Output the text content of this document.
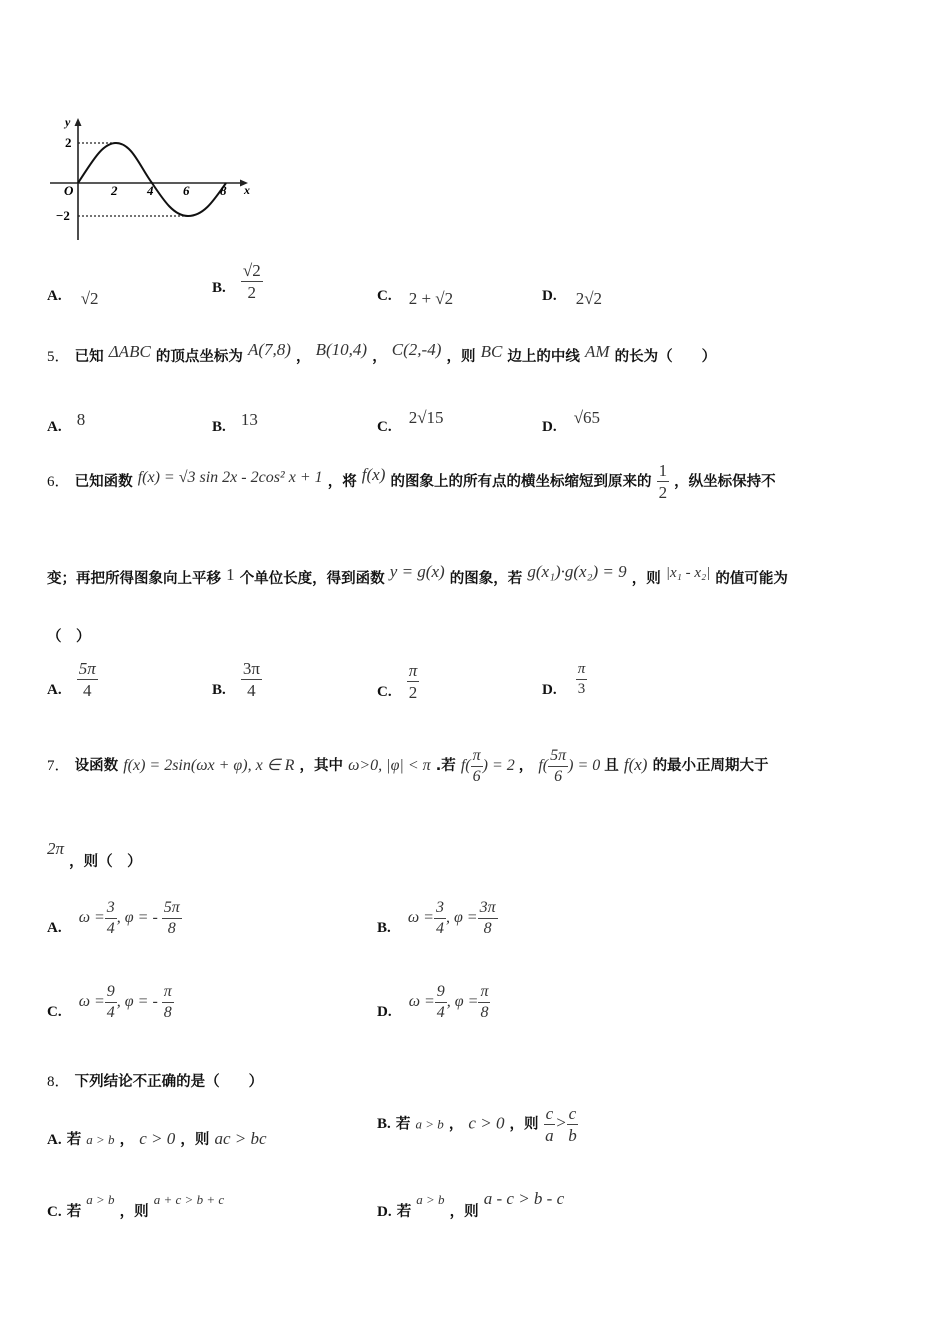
y
x
O
2
−2
2 4 6 8
A. √2
B. $\frac{√2}{2}$	C. 2 + √2	D. 2√2
5． 已知 ΔABC 的顶点坐标为 A(7,8) ， B(10,4) ， C(2,-4) ，则 BC 边上的中线 AM 的长为（　　）
A. 8	B. 13	C. 2√15	D. √65
6． 已知函数 f(x) = √3 sin 2x - 2cos² x + 1 ，将 f(x) 的图象上的所有点的横坐标缩短到原来的 $\frac{1}{2}$ ，纵坐标保持不
变；再把所得图象向上平移 1 个单位长度，得到函数 y = g(x) 的图象，若 g(x₁)·g(x₂) = 9 ，则 |x₁ - x₂| 的值可能为
（　）
A. $\frac{5\pi}{4}$	B. $\frac{3\pi}{4}$	C. $\frac{\pi}{2}$	D. $\frac{\pi}{3}$
7． 设函数 f(x) = 2sin(ωx + φ), x ∈ R ，其中 ω>0, |φ| < π .若 $f( \frac{\pi}{6}$ ) = 2 ， $f( \frac{5\pi}{6}$ ) = 0 且 f(x) 的最小正周期大于
2π ，则（　）
A. $\omega = \frac{3}{4}$ , φ = - $\frac{5\pi}{8}$	B. $\omega = \frac{3}{4}$ , $\varphi = \frac{3\pi}{8}$
C. $\omega = \frac{9}{4}$ , φ = - $\frac{\pi}{8}$	D. $\omega = \frac{9}{4}$ , $\varphi = \frac{\pi}{8}$
8． 下列结论不正确的是（　　）
A. 若 a > b ， c > 0 ，则 ac > bc
B. 若 a > b ， c > 0 ，则 $\frac{c}{a} > \frac{c}{b}$
C. 若 a > b ，则 a + c > b + c
D. 若 a > b ，则 a - c > b - c
